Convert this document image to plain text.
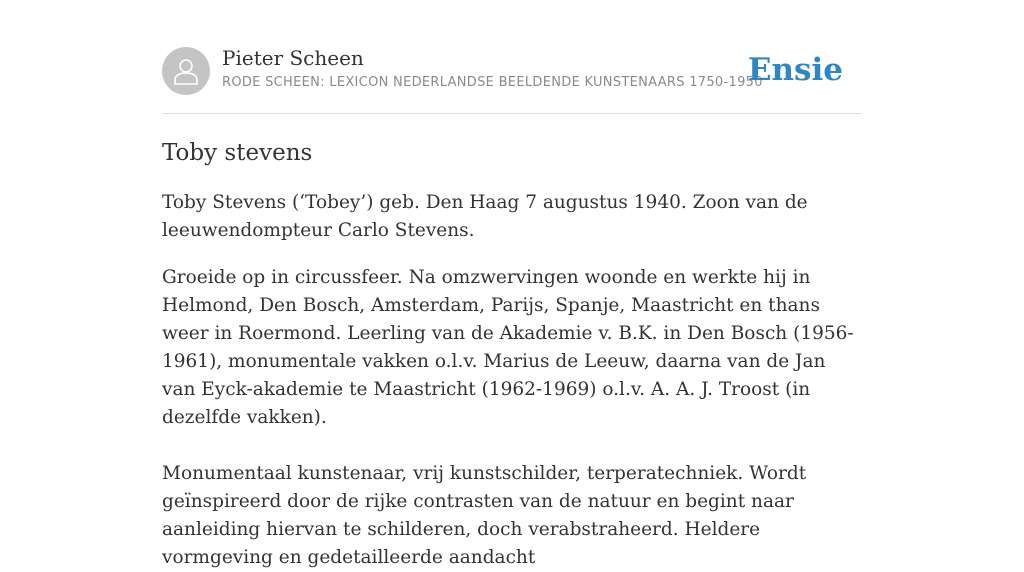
Pieter Scheen
RODE SCHEEN: LEXICON NEDERLANDSE BEELDENDE KUNSTENAARS 1750-1950
Ensie
Toby stevens

Toby Stevens (‘Tobey’) geb. Den Haag 7 augustus 1940. Zoon van de leeuwendompteur Carlo Stevens.

Groeide op in circussfeer. Na omzwervingen woonde en werkte hij in Helmond, Den Bosch, Amsterdam, Parijs, Spanje, Maastricht en thans weer in Roermond. Leerling van de Akademie v. B.K. in Den Bosch (1956-1961), monumentale vakken o.l.v. Marius de Leeuw, daarna van de Jan van Eyck-akademie te Maastricht (1962-1969) o.l.v. A. A. J. Troost (in dezelfde vakken).

Monumentaal kunstenaar, vrij kunstschilder, terperatechniek. Wordt geïnspireerd door de rijke contrasten van de natuur en begint naar aanleiding hiervan te schilderen, doch verabstraheerd. Heldere vormgeving en gedetailleerde aandacht
